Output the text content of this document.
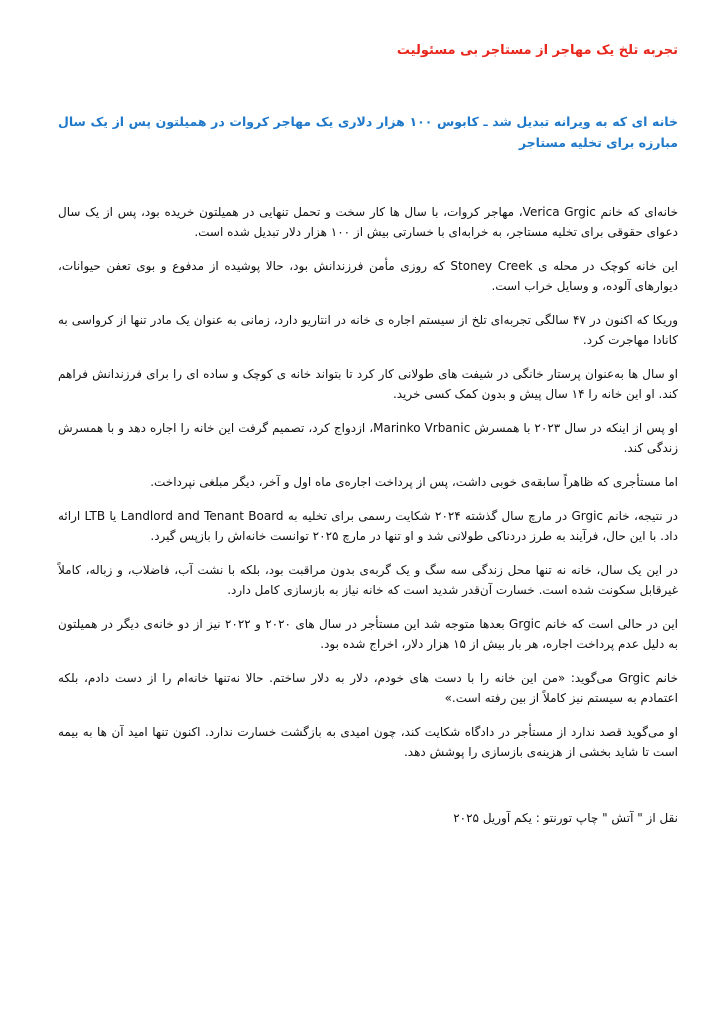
تجربه تلخ یک مهاجر از مستاجر بی مسئولیت
خانه ای که به ویرانه تبدیل شد ـ کابوس ۱۰۰ هزار دلاری یک مهاجر کروات در همیلتون پس از یک سال مبارزه برای تخلیه مستاجر

خانه‌ای که خانم Verica Grgic، مهاجر کروات، با سال ها کار سخت و تحمل تنهایی در همیلتون خریده بود، پس از یک سال دعوای حقوقی برای تخلیه مستاجر، به خرابه‌ای با خسارتی بیش از ۱۰۰ هزار دلار تبدیل شده است.

این خانه کوچک در محله ی Stoney Creek که روزی مأمن فرزندانش بود، حالا پوشیده از مدفوع و بوی تعفن حیوانات، دیوارهای آلوده، و وسایل خراب است.

وریکا که اکنون در ۴۷ سالگی تجربه‌ای تلخ از سیستم اجاره ی خانه در انتاریو دارد، زمانی به عنوان یک مادر تنها از کرواسی به کانادا مهاجرت کرد.

او سال ها به‌عنوان پرستار خانگی در شیفت های طولانی کار کرد تا بتواند خانه ی کوچک و ساده ای را برای فرزندانش فراهم کند. او این خانه را ۱۴ سال پیش و بدون کمک کسی خرید.

او پس از اینکه در سال ۲۰۲۳ با همسرش Marinko Vrbanic، ازدواج کرد، تصمیم گرفت این خانه را اجاره دهد و با همسرش زندگی کند.

اما مستأجری که ظاهراً سابقه‌ی خوبی داشت، پس از پرداخت اجاره‌ی ماه اول و آخر، دیگر مبلغی نپرداخت.

در نتیجه، خانم Grgic در مارچ سال گذشته ۲۰۲۴ شکایت رسمی برای تخلیه به Landlord and Tenant Board یا LTB ارائه داد. با این حال، فرآیند به طرز دردناکی طولانی شد و او تنها در مارچ ۲۰۲۵ توانست خانه‌اش را بازپس گیرد.

در این یک سال، خانه نه تنها محل زندگی سه سگ و یک گربه‌ی بدون مراقبت بود، بلکه با نشت آب، فاضلاب، و زباله، کاملاً غیرقابل سکونت شده است. خسارت آن‌قدر شدید است که خانه نیاز به بازسازی کامل دارد.

این در حالی است که خانم Grgic بعدها متوجه شد این مستأجر در سال های ۲۰۲۰ و ۲۰۲۲ نیز از دو خانه‌ی دیگر در همیلتون به دلیل عدم پرداخت اجاره، هر بار بیش از ۱۵ هزار دلار، اخراج شده بود.

خانم Grgic می‌گوید: «من این خانه را با دست های خودم، دلار به دلار ساختم. حالا نه‌تنها خانه‌ام را از دست دادم، بلکه اعتمادم به سیستم نیز کاملاً از بین رفته است.»

او می‌گوید قصد ندارد از مستأجر در دادگاه شکایت کند، چون امیدی به بازگشت خسارت ندارد. اکنون تنها امید آن ها به بیمه است تا شاید بخشی از هزینه‌ی بازسازی را پوشش دهد.

نقل از " آتش " چاپ تورنتو : یکم آوریل ۲۰۲۵
